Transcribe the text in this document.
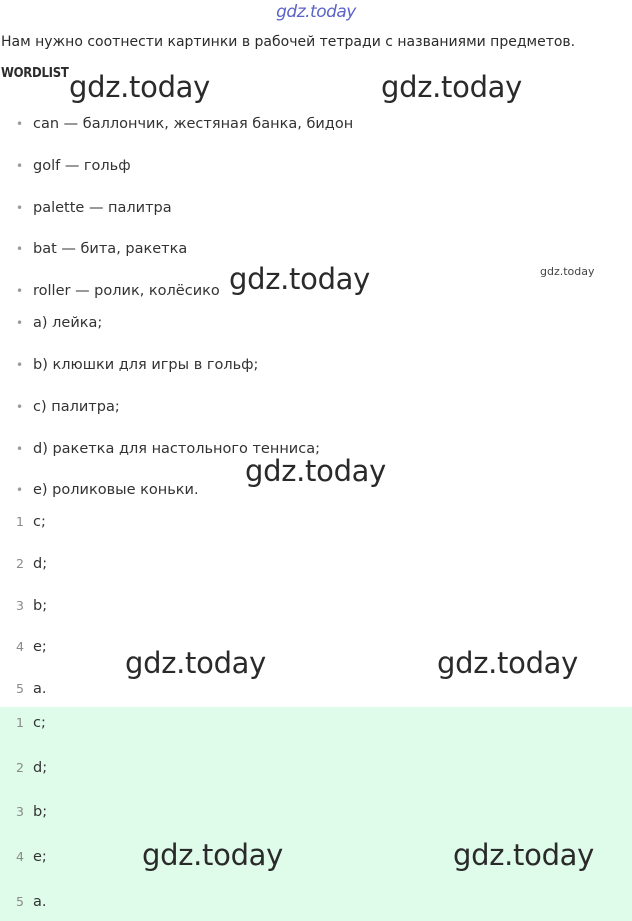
gdz.today
Нам нужно соотнести картинки в рабочей тетради с названиями предметов.
WORDLIST
• can — баллончик, жестяная банка, бидон
• golf — гольф
• palette — палитра
• bat — бита, ракетка
• roller — ролик, колёсико
• a) лейка;
• b) клюшки для игры в гольф;
• c) палитра;
• d) ракетка для настольного тенниса;
• e) роликовые коньки.
1 c;
2 d;
3 b;
4 e;
5 a.
1 c;
2 d;
3 b;
4 e;
5 a.
gdz.today	gdz.today
gdz.today	gdz.today
gdz.today
gdz.today	gdz.today
gdz.today	gdz.today
